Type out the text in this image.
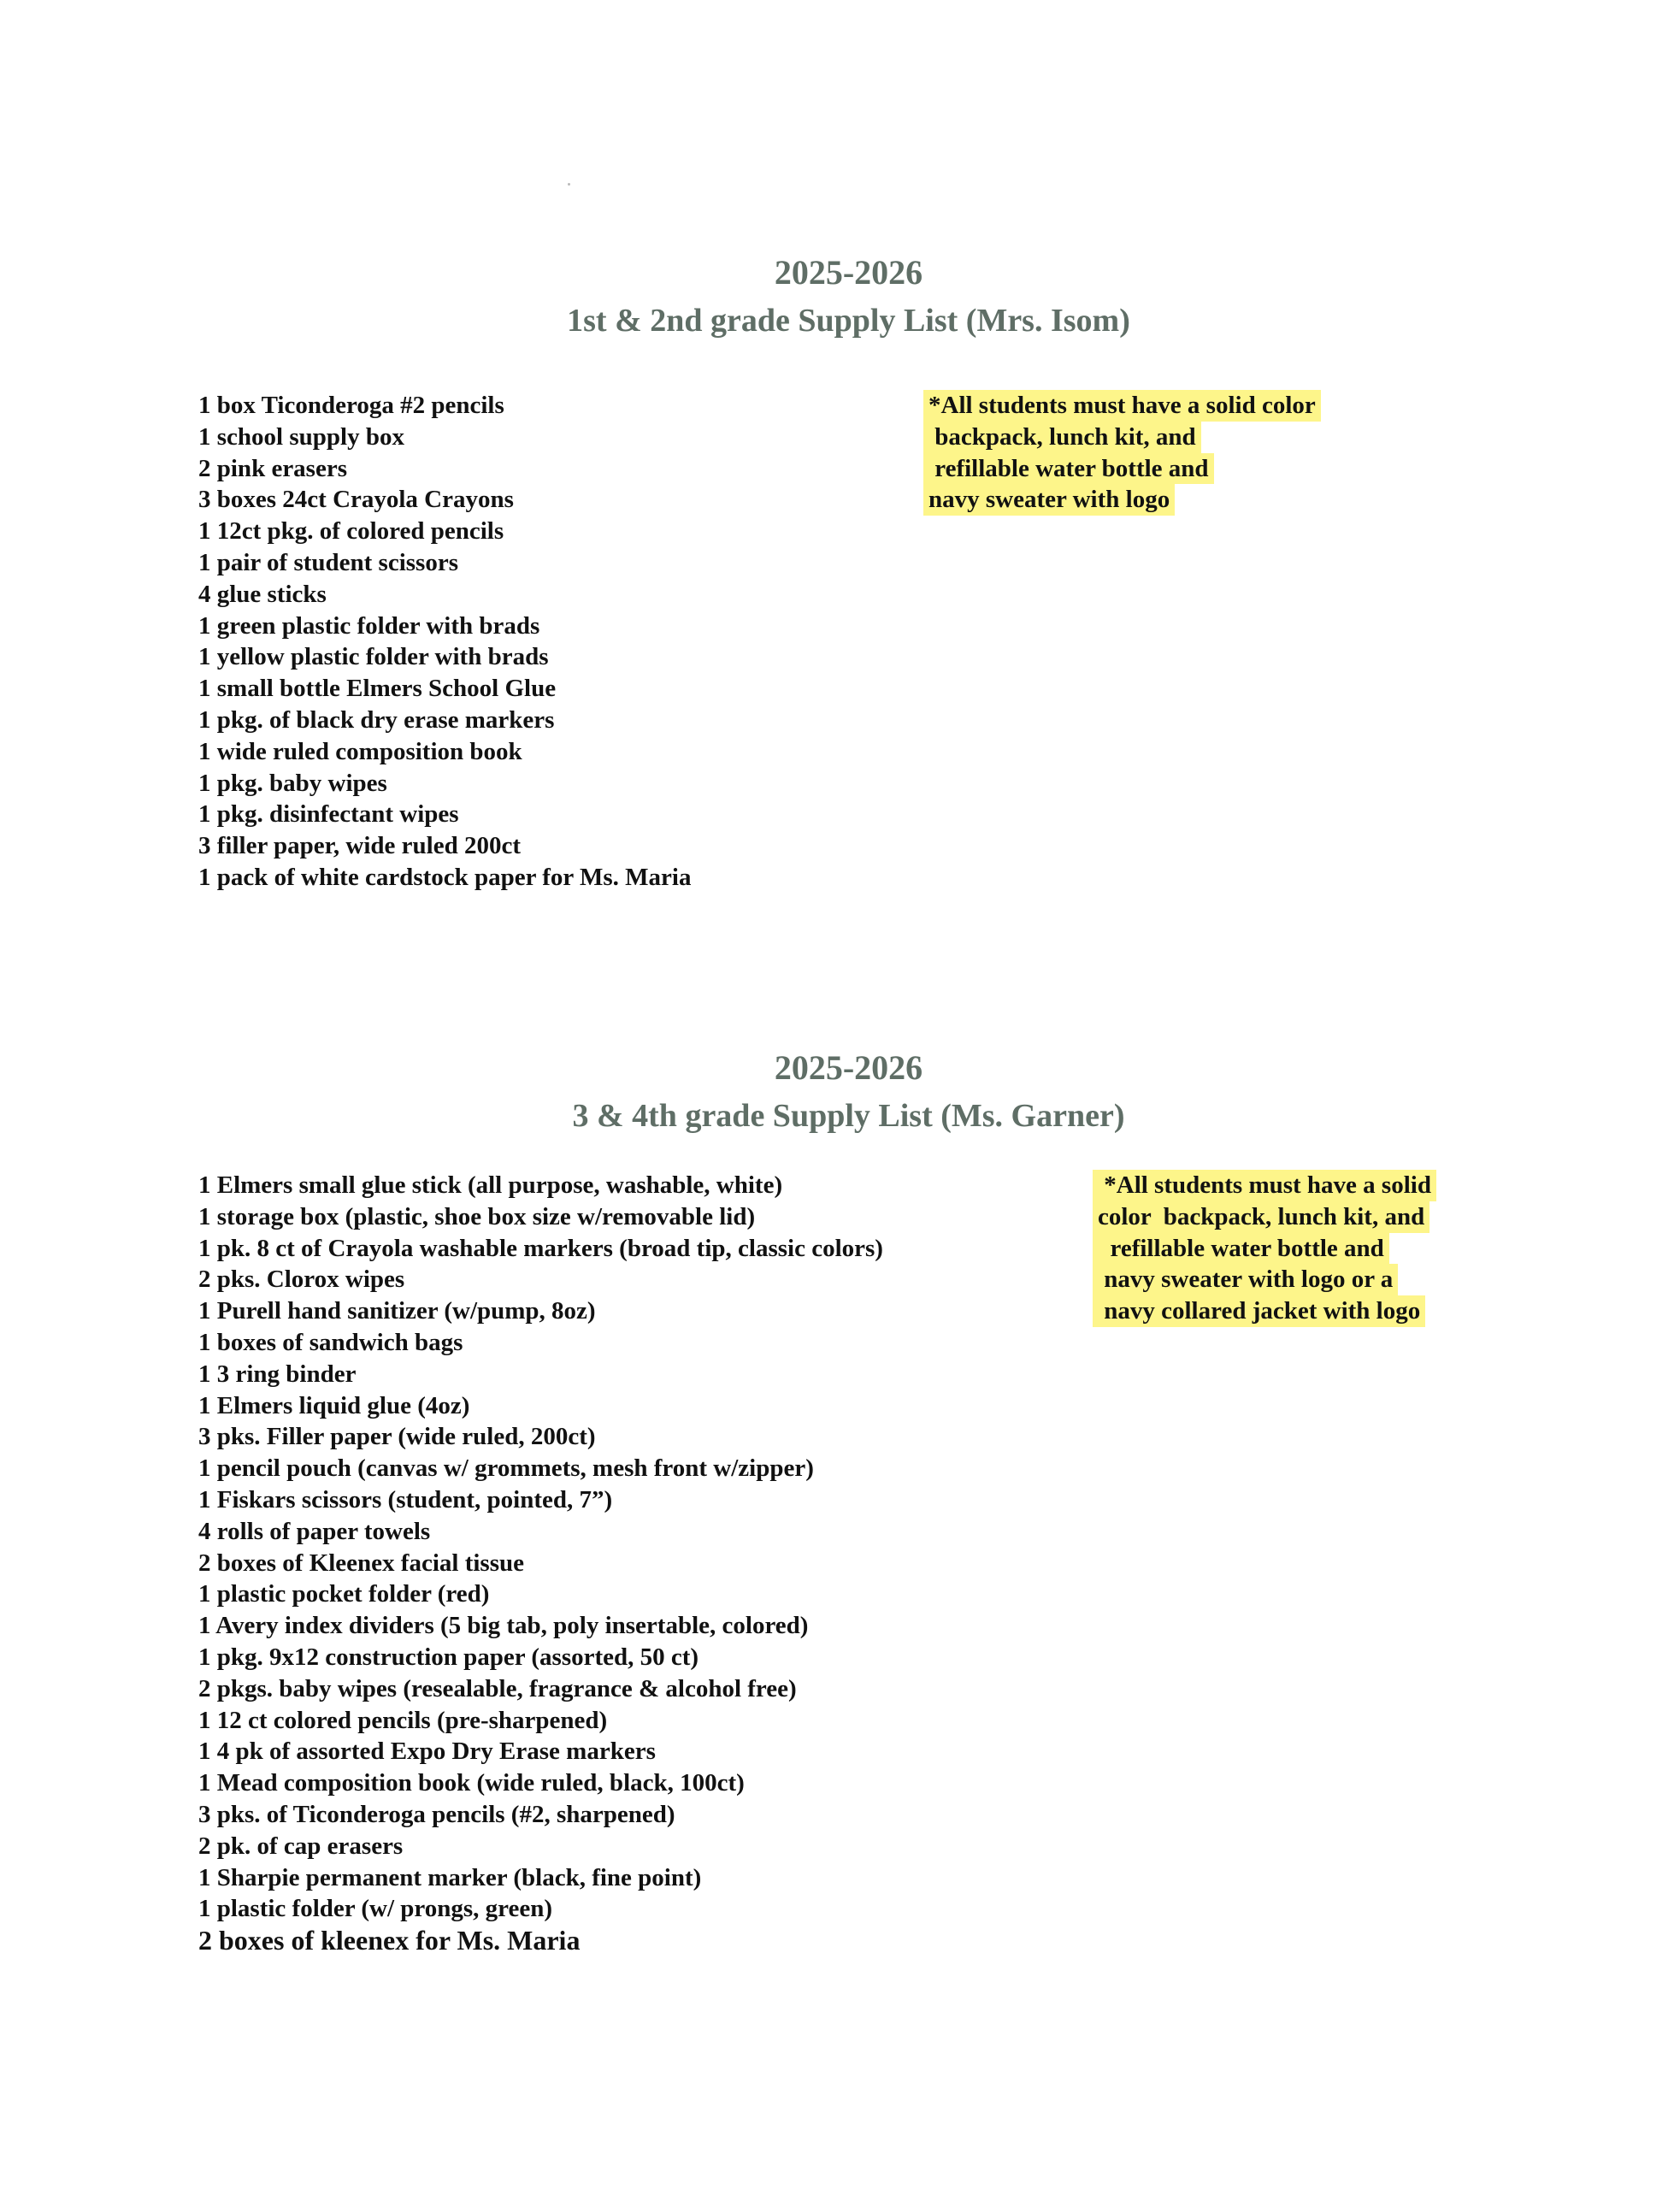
2025-2026
1st & 2nd grade Supply List (Mrs. Isom)
1 box Ticonderoga #2 pencils
1 school supply box
2 pink erasers
3 boxes 24ct Crayola Crayons
1 12ct pkg. of colored pencils
1 pair of student scissors
4 glue sticks
1 green plastic folder with brads
1 yellow plastic folder with brads
1 small bottle Elmers School Glue
1 pkg. of black dry erase markers
1 wide ruled composition book
1 pkg. baby wipes
1 pkg. disinfectant wipes
3 filler paper, wide ruled 200ct
1 pack of white cardstock paper for Ms. Maria
*All students must have a solid color
backpack, lunch kit, and
refillable water bottle and
navy sweater with logo
2025-2026
3 & 4th grade Supply List (Ms. Garner)
1 Elmers small glue stick (all purpose, washable, white)
1 storage box (plastic, shoe box size w/removable lid)
1 pk. 8 ct of Crayola washable markers (broad tip, classic colors)
2 pks. Clorox wipes
1 Purell hand sanitizer (w/pump, 8oz)
1 boxes of sandwich bags
1 3 ring binder
1 Elmers liquid glue (4oz)
3 pks. Filler paper (wide ruled, 200ct)
1 pencil pouch (canvas w/ grommets, mesh front w/zipper)
1 Fiskars scissors (student, pointed, 7”)
4 rolls of paper towels
2 boxes of Kleenex facial tissue
1 plastic pocket folder (red)
1 Avery index dividers (5 big tab, poly insertable, colored)
1 pkg. 9x12 construction paper (assorted, 50 ct)
2 pkgs. baby wipes (resealable, fragrance & alcohol free)
1 12 ct colored pencils (pre-sharpened)
1 4 pk of assorted Expo Dry Erase markers
1 Mead composition book (wide ruled, black, 100ct)
3 pks. of Ticonderoga pencils (#2, sharpened)
2 pk. of cap erasers
1 Sharpie permanent marker (black, fine point)
1 plastic folder (w/ prongs, green)
2 boxes of kleenex for Ms. Maria
*All students must have a solid
color  backpack, lunch kit, and
refillable water bottle and
navy sweater with logo or a
navy collared jacket with logo
